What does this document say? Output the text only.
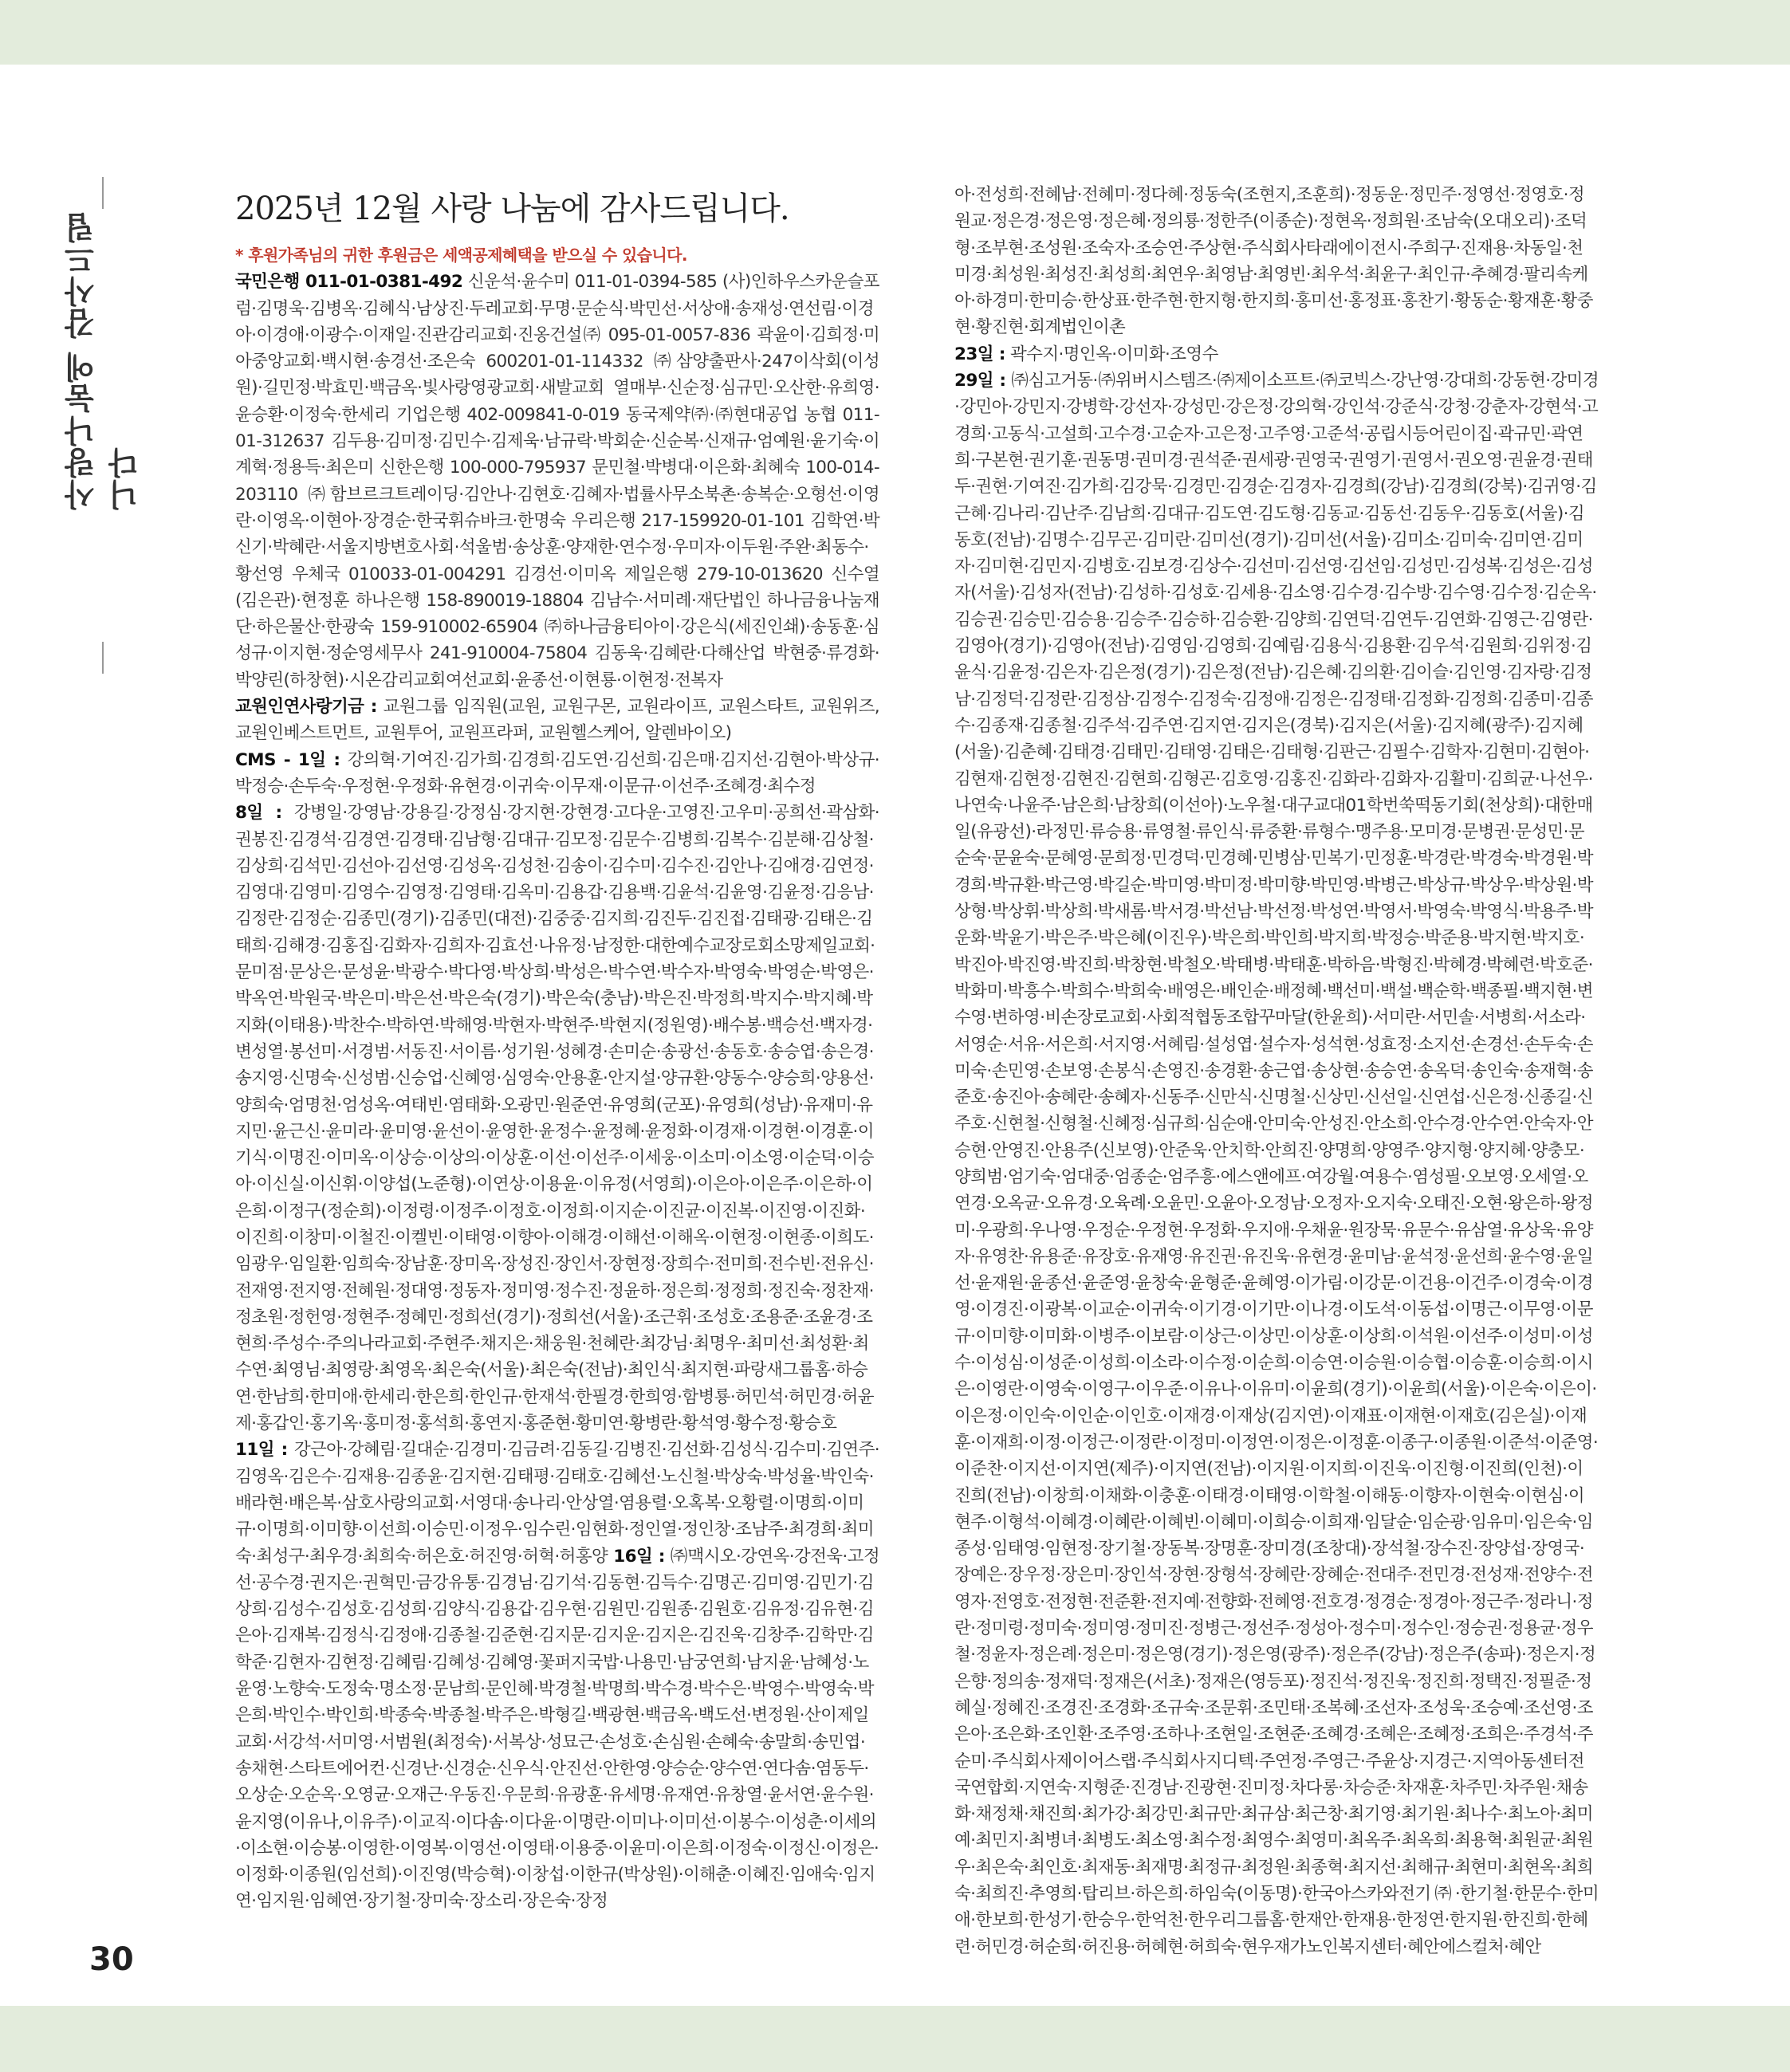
사랑나눔에 감사드립니다
30
2025년 12월 사랑 나눔에 감사드립니다.

* 후원가족님의 귀한 후원금은 세액공제혜택을 받으실 수 있습니다.

국민은행 011-01-0381-492 신운석·윤수미 011-01-0394-585 (사)인하우스카운슬포럼·김명욱·김병옥·김혜식·남상진·두레교회·무명·문순식·박민선·서상애·송재성·연선림·이경아·이경애·이광수·이재일·진관감리교회·진옹건설㈜ 095-01-0057-836 곽윤이·김희정·미아중앙교회·백시현·송경선·조은숙 600201-01-114332 ㈜삼양출판사·247이삭회(이성원)·길민정·박효민·백금옥·빛사랑영광교회·새발교회 열매부·신순정·심규민·오산한·유희영·윤승환·이정숙·한세리 기업은행 402-009841-0-019 동국제약㈜·㈜현대공업 농협 011-01-312637 김두용·김미정·김민수·김제욱·남규락·박회순·신순복·신재규·엄예원·윤기숙·이계혁·정용득·최은미 신한은행 100-000-795937 문민철·박병대·이은화·최혜숙 100-014-203110 ㈜함브르크트레이딩·김안나·김현호·김혜자·법률사무소북촌·송복순·오형선·이영란·이영옥·이현아·장경순·한국휘슈바크·한명숙 우리은행 217-159920-01-101 김학연·박신기·박혜란·서울지방변호사회·석울범·송상훈·양재한·연수정·우미자·이두원·주완·최동수·황선영 우체국 010033-01-004291 김경선·이미옥 제일은행 279-10-013620 신수열(김은관)·현정훈 하나은행 158-890019-18804 김남수·서미례·재단법인 하나금융나눔재단·하은물산·한광숙 159-910002-65904 ㈜하나금융티아이·강은식(세진인쇄)·송동훈·심성규·이지현·정순영세무사 241-910004-75804 김동욱·김혜란·다해산업 박현중·류경화·박양린(하창현)·시온감리교회여선교회·윤종선·이현룡·이현정·전복자

교원인연사랑기금 : 교원그룹 임직원(교원, 교원구몬, 교원라이프, 교원스타트, 교원위즈, 교원인베스트먼트, 교원투어, 교원프라퍼, 교원헬스케어, 알렌바이오)

CMS - 1일 : 강의혁·기여진·김가희·김경희·김도연·김선희·김은매·김지선·김현아·박상규·박정승·손두숙·우정현·우정화·유현경·이귀숙·이무재·이문규·이선주·조혜경·최수정

8일 : 강병일·강영남·강용길·강정심·강지현·강현경·고다운·고영진·고우미·공희선·곽삼화·권봉진·김경석·김경연·김경태·김남형·김대규·김모정·김문수·김병희·김복수·김분해·김상철·김상희·김석민·김선아·김선영·김성옥·김성천·김송이·김수미·김수진·김안나·김애경·김연정·김영대·김영미·김영수·김영정·김영태·김옥미·김용갑·김용백·김윤석·김윤영·김윤정·김응남·김정란·김정순·김종민(경기)·김종민(대전)·김중중·김지희·김진두·김진접·김태광·김태은·김태희·김해경·김홍집·김화자·김희자·김효선·나유정·남정한·대한예수교장로회소망제일교회·문미점·문상은·문성윤·박광수·박다영·박상희·박성은·박수연·박수자·박영숙·박영순·박영은·박옥연·박원국·박은미·박은선·박은숙(경기)·박은숙(충남)·박은진·박정희·박지수·박지혜·박지화(이태용)·박찬수·박하연·박해영·박현자·박현주·박현지(정원영)·배수봉·백승선·백자경·변성열·봉선미·서경범·서동진·서이름·성기원·성혜경·손미순·송광선·송동호·송승엽·송은경·송지영·신명숙·신성범·신승업·신혜영·심영숙·안용훈·안지설·양규환·양동수·양승희·양용선·양희숙·엄명천·엄성옥·여태빈·염태화·오광민·원준연·유영희(군포)·유영희(성남)·유재미·유지민·윤근신·윤미라·윤미영·윤선이·윤영한·윤정수·윤정혜·윤정화·이경재·이경현·이경훈·이기식·이명진·이미옥·이상승·이상의·이상훈·이선·이선주·이세웅·이소미·이소영·이순덕·이승아·이신실·이신휘·이양섭(노준형)·이연상·이용윤·이유정(서영희)·이은아·이은주·이은하·이은희·이정구(정순희)·이정령·이정주·이정호·이정희·이지순·이진균·이진복·이진영·이진화·이진희·이창미·이철진·이켈빈·이태영·이향아·이해경·이해선·이해옥·이현정·이현종·이희도·임광우·임일환·임희숙·장남훈·장미옥·장성진·장인서·장현정·장희수·전미희·전수빈·전유신·전재영·전지영·전혜원·정대영·정동자·정미영·정수진·정윤하·정은희·정정희·정진숙·정찬재·정초원·정헌영·정현주·정혜민·정희선(경기)·정희선(서울)·조근휘·조성호·조용준·조윤경·조현희·주성수·주의나라교회·주현주·채지은·채웅원·천혜란·최강님·최명우·최미선·최성환·최수연·최영님·최영랑·최영옥·최은숙(서울)·최은숙(전남)·최인식·최지현·파랑새그룹홈·하승연·한남희·한미애·한세리·한은희·한인규·한재석·한필경·한희영·함병룡·허민석·허민경·허윤제·홍갑인·홍기옥·홍미정·홍석희·홍연지·홍준현·황미연·황병란·황석영·황수정·황승호

11일 : 강근아·강혜림·길대순·김경미·김금려·김동길·김병진·김선화·김성식·김수미·김연주·김영옥·김은수·김재용·김종윤·김지현·김태평·김태호·김혜선·노신철·박상숙·박성율·박인숙·배라현·배은복·삼호사랑의교회·서영대·송나리·안상열·염용렬·오혹복·오황렬·이명희·이미규·이명희·이미향·이선희·이승민·이정우·임수린·임현화·정인열·정인창·조남주·최경희·최미숙·최성구·최우경·최희숙·허은호·허진영·허혁·허홍양 16일 : ㈜맥시오·강연옥·강전욱·고정선·공수경·권지은·권혁민·금강유통·김경님·김기석·김동현·김득수·김명곤·김미영·김민기·김상희·김성수·김성호·김성희·김양식·김용갑·김우현·김원민·김원종·김원호·김유정·김유현·김은아·김재복·김정식·김정애·김종철·김준현·김지문·김지운·김지은·김진욱·김창주·김학만·김학준·김현자·김현정·김혜림·김혜성·김혜영·꽃퍼지국밥·나용민·남궁연희·남지윤·남혜성·노윤영·노향숙·도정숙·명소정·문남희·문인혜·박경철·박명희·박수경·박수은·박영수·박영숙·박은희·박인수·박인희·박종숙·박종철·박주은·박형길·백광현·백금옥·백도선·변정원·산이제일교회·서강석·서미영·서범원(최정숙)·서복상·성묘근·손성호·손심원·손혜숙·송말희·송민엽·송채현·스타트에어컨·신경난·신경순·신우식·안진선·안한영·양승순·양수연·연다솜·염동두·오상순·오순옥·오영균·오재근·우동진·우문희·유광훈·유세명·유재연·유창열·윤서연·윤수원·윤지영(이유나,이유주)·이교직·이다솜·이다윤·이명란·이미나·이미선·이봉수·이성춘·이세의·이소현·이승봉·이영한·이영복·이영선·이영태·이용중·이윤미·이은희·이정숙·이정신·이정은·이정화·이종원(임선희)·이진영(박승혁)·이창섭·이한규(박상원)·이해춘·이혜진·임애숙·임지연·임지원·임혜연·장기철·장미숙·장소리·장은숙·장정

아·전성희·전혜남·전혜미·정다혜·정동숙(조현지,조훈희)·정동운·정민주·정영선·정영호·정원교·정은경·정은영·정은혜·정의룡·정한주(이종순)·정현옥·정희원·조남숙(오대오리)·조덕형·조부현·조성원·조숙자·조승연·주상현·주식회사타래에이전시·주희구·진재용·차동일·천미경·최성원·최성진·최성희·최연우·최영남·최영빈·최우석·최윤구·최인규·추혜경·팔리속케아·하경미·한미승·한상표·한주현·한지형·한지희·홍미선·홍정표·홍찬기·황동순·황재훈·황중현·황진현·회계법인이촌

23일 : 곽수지·명인옥·이미화·조영수

29일 : ㈜심고거동·㈜위버시스템즈·㈜제이소프트·㈜코빅스·강난영·강대희·강동현·강미경·강민아·강민지·강병학·강선자·강성민·강은정·강의혁·강인석·강준식·강청·강춘자·강현석·고경희·고동식·고설희·고수경·고순자·고은정·고주영·고준석·공립시등어린이집·곽규민·곽연희·구본현·권기훈·권동명·권미경·권석준·권세광·권영국·권영기·권영서·권오영·권윤경·권태두·권현·기여진·김가희·김강묵·김경민·김경순·김경자·김경희(강남)·김경희(강북)·김귀영·김근혜·김나리·김난주·김남희·김대규·김도연·김도형·김동교·김동선·김동우·김동호(서울)·김동호(전남)·김명수·김무곤·김미란·김미선(경기)·김미선(서울)·김미소·김미숙·김미연·김미자·김미현·김민지·김병호·김보경·김상수·김선미·김선영·김선임·김성민·김성복·김성은·김성자(서울)·김성자(전남)·김성하·김성호·김세용·김소영·김수경·김수방·김수영·김수정·김순옥·김승권·김승민·김승용·김승주·김승하·김승환·김양희·김연덕·김연두·김연화·김영근·김영란·김영아(경기)·김영아(전남)·김영임·김영희·김예림·김용식·김용환·김우석·김원희·김위정·김윤식·김윤정·김은자·김은정(경기)·김은정(전남)·김은혜·김의환·김이슬·김인영·김자랑·김정남·김정덕·김정란·김정삼·김정수·김정숙·김정애·김정은·김정태·김정화·김정희·김종미·김종수·김종재·김종철·김주석·김주연·김지연·김지은(경북)·김지은(서울)·김지혜(광주)·김지혜(서울)·김춘혜·김태경·김태민·김태영·김태은·김태형·김판근·김필수·김학자·김현미·김현아·김현재·김현정·김현진·김현희·김형곤·김호영·김홍진·김화라·김화자·김활미·김희균·나선우·나연숙·나윤주·남은희·남창희(이선아)·노우철·대구교대01학번쑥떡동기회(천상희)·대한매일(유광선)·라정민·류승용·류영철·류인식·류중환·류형수·맹주용·모미경·문병권·문성민·문순숙·문윤숙·문혜영·문희정·민경덕·민경혜·민병삼·민복기·민정훈·박경란·박경숙·박경원·박경희·박규환·박근영·박길순·박미영·박미정·박미향·박민영·박병근·박상규·박상우·박상원·박상형·박상휘·박상희·박새롬·박서경·박선남·박선정·박성연·박영서·박영숙·박영식·박용주·박운화·박윤기·박은주·박은혜(이진우)·박은희·박인희·박지희·박정승·박준용·박지현·박지호·박진아·박진영·박진희·박창현·박철오·박태병·박태훈·박하음·박형진·박혜경·박혜련·박호준·박화미·박흥수·박희수·박희숙·배영은·배인순·배정혜·백선미·백설·백순학·백종필·백지현·변수영·변하영·비손장로교회·사회적협동조합꾸마달(한윤희)·서미란·서민솔·서병희·서소라·서영순·서유·서은희·서지영·서혜림·설성엽·설수자·성석현·성효정·소지선·손경선·손두숙·손미숙·손민영·손보영·손봉식·손영진·송경환·송근엽·송상현·송승연·송옥덕·송인숙·송재혁·송준호·송진아·송혜란·송혜자·신동주·신만식·신명철·신상민·신선일·신연섭·신은정·신종길·신주호·신현철·신형철·신혜정·심규희·심순애·안미숙·안성진·안소희·안수경·안수연·안숙자·안승현·안영진·안용주(신보영)·안준욱·안치학·안희진·양명희·양영주·양지형·양지혜·양충모·양희범·엄기숙·엄대중·엄종순·엄주흥·에스앤에프·여강월·여용수·염성필·오보영·오세열·오연경·오옥균·오유경·오육례·오윤민·오윤아·오정남·오정자·오지숙·오태진·오현·왕은하·왕정미·우광희·우나영·우정순·우정현·우정화·우지애·우채윤·원장묵·유문수·유삼열·유상욱·유양자·유영찬·유용준·유장호·유재영·유진권·유진욱·유현경·윤미남·윤석정·윤선희·윤수영·윤일선·윤재원·윤종선·윤준영·윤창숙·윤형준·윤혜영·이가림·이강문·이건용·이건주·이경숙·이경영·이경진·이광복·이교순·이귀숙·이기경·이기만·이나경·이도석·이동섭·이명근·이무영·이문규·이미향·이미화·이병주·이보람·이상근·이상민·이상훈·이상희·이석원·이선주·이성미·이성수·이성심·이성준·이성희·이소라·이수정·이순희·이승연·이승원·이승협·이승훈·이승희·이시은·이영란·이영숙·이영구·이우준·이유나·이유미·이윤희(경기)·이윤희(서울)·이은숙·이은이·이은정·이인숙·이인순·이인호·이재경·이재상(김지연)·이재표·이재현·이재호(김은실)·이재훈·이재희·이정·이정근·이정란·이정미·이정연·이정은·이정훈·이종구·이종원·이준석·이준영·이준찬·이지선·이지연(제주)·이지연(전남)·이지원·이지희·이진욱·이진형·이진희(인천)·이진희(전남)·이창희·이채화·이충훈·이태경·이태영·이학철·이해동·이향자·이현숙·이현심·이현주·이형석·이혜경·이혜란·이혜빈·이혜미·이희승·이희재·임달순·임순광·임유미·임은숙·임종성·임태영·임현정·장기철·장동복·장명훈·장미경(조창대)·장석철·장수진·장양섭·장영국·장예은·장우정·장은미·장인석·장현·장형석·장혜란·장혜순·전대주·전민경·전성재·전양수·전영자·전영호·전정현·전준환·전지예·전향화·전혜영·전호경·정경순·정경아·정근주·정라니·정란·정미령·정미숙·정미영·정미진·정병근·정선주·정성아·정수미·정수인·정승권·정용균·정우철·정윤자·정은례·정은미·정은영(경기)·정은영(광주)·정은주(강남)·정은주(송파)·정은지·정은향·정의송·정재덕·정재은(서초)·정재은(영등포)·정진석·정진욱·정진희·정택진·정필준·정혜실·정혜진·조경진·조경화·조규숙·조문휘·조민태·조복혜·조선자·조성욱·조승예·조선영·조은아·조은화·조인환·조주영·조하나·조현일·조현준·조혜경·조혜은·조혜정·조희은·주경석·주순미·주식회사제이어스랩·주식회사지디텍·주연정·주영근·주윤상·지경근·지역아동센터전국연합회·지연숙·지형준·진경남·진광현·진미정·차다롱·차승준·차재훈·차주민·차주원·채송화·채정채·채진희·최가강·최강민·최규만·최규삼·최근창·최기영·최기원·최나수·최노아·최미예·최민지·최병녀·최병도·최소영·최수정·최영수·최영미·최옥주·최옥희·최용혁·최원균·최원우·최은숙·최인호·최재동·최재명·최정규·최정원·최종혁·최지선·최해규·최현미·최현옥·최희숙·최희진·추영희·탑리브·하은희·하임숙(이동명)·한국아스카와전기㈜·한기철·한문수·한미애·한보희·한성기·한승우·한억천·한우리그룹홈·한재안·한재용·한정연·한지원·한진희·한혜련·허민경·허순희·허진용·허혜현·허희숙·현우재가노인복지센터·혜안에스컬처·혜안
